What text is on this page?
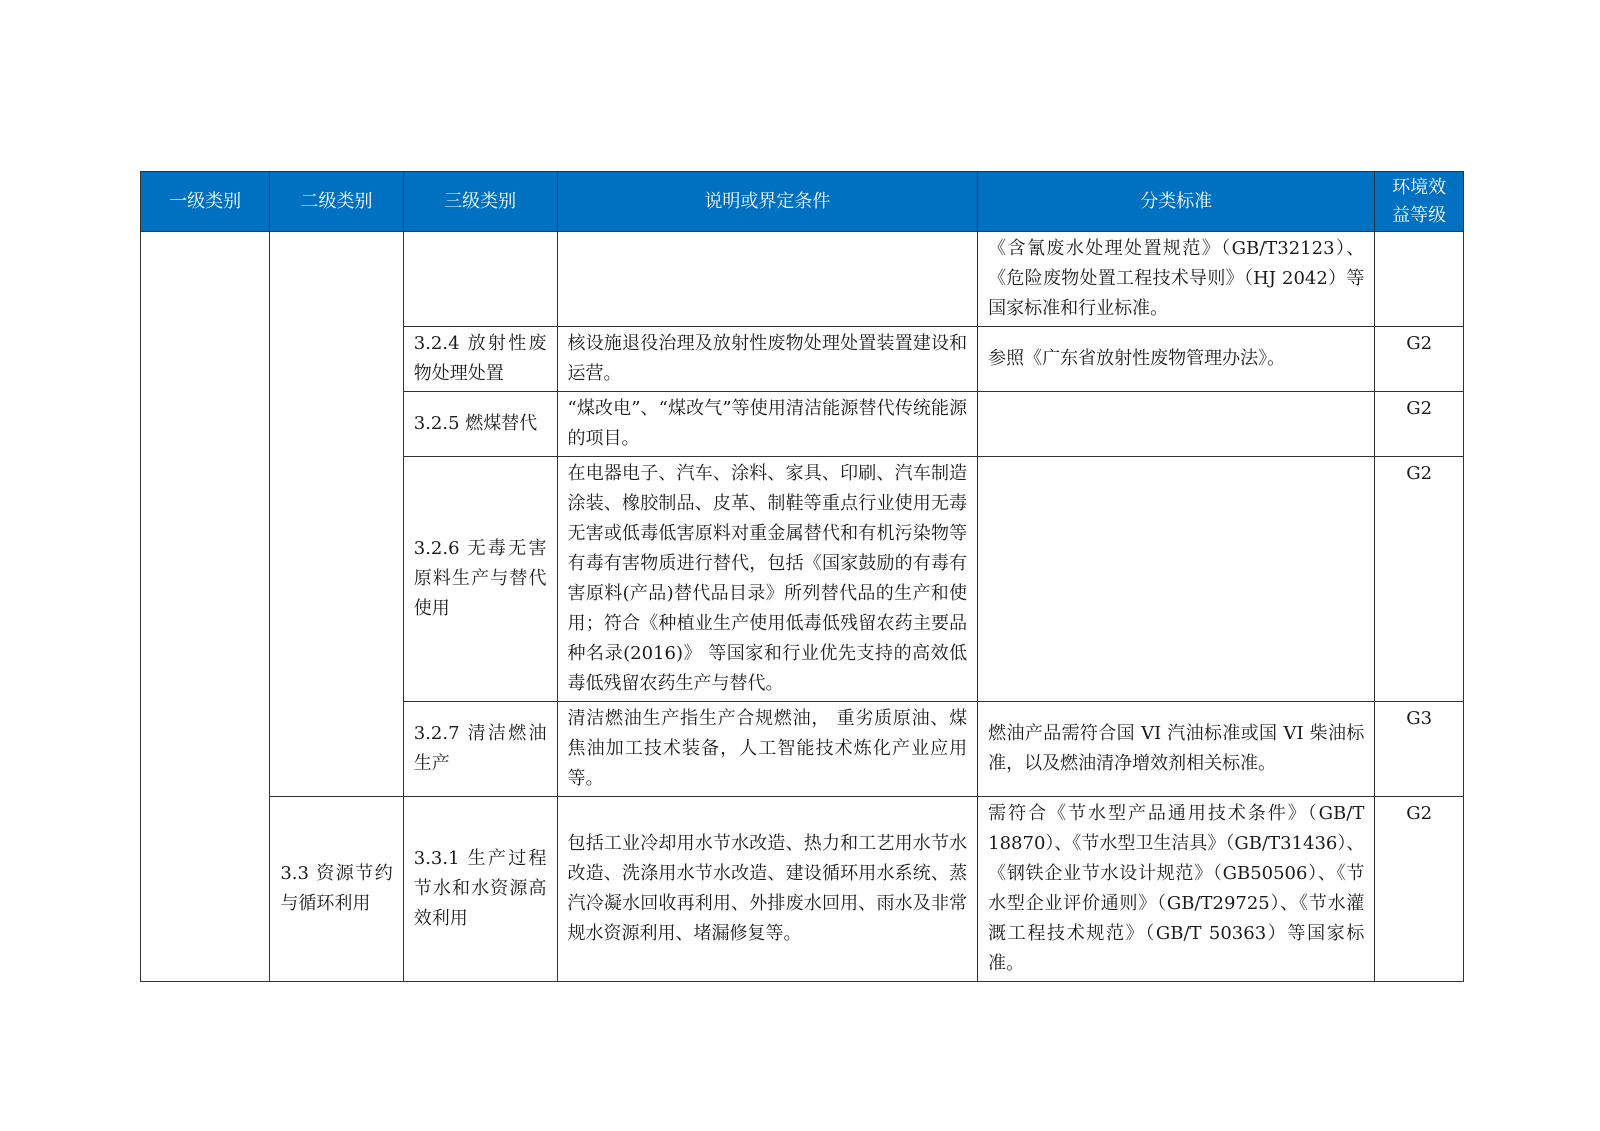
一级类别	二级类别	三级类别	说明或界定条件	分类标准	环境效益等级

				《含氰废水处理处置规范》（GB/T32123）、《危险废物处置工程技术导则》（HJ 2042）等国家标准和行业标准。	

		3.2.4 放射性废物处理处置	核设施退役治理及放射性废物处理处置装置建设和运营。	参照《广东省放射性废物管理办法》。	G2

		3.2.5 燃煤替代	“煤改电”、“煤改气”等使用清洁能源替代传统能源的项目。		G2

		3.2.6 无毒无害原料生产与替代使用	在电器电子、汽车、涂料、家具、印刷、汽车制造涂装、橡胶制品、皮革、制鞋等重点行业使用无毒无害或低毒低害原料对重金属替代和有机污染物等有毒有害物质进行替代，包括《国家鼓励的有毒有害原料(产品)替代品目录》所列替代品的生产和使用；符合《种植业生产使用低毒低残留农药主要品种名录(2016)》 等国家和行业优先支持的高效低毒低残留农药生产与替代。		G2

		3.2.7 清洁燃油生产	清洁燃油生产指生产合规燃油， 重劣质原油、煤焦油加工技术装备，人工智能技术炼化产业应用等。	燃油产品需符合国 VI 汽油标准或国 VI 柴油标准，以及燃油清净增效剂相关标准。	G3

	3.3 资源节约与循环利用	3.3.1 生产过程节水和水资源高效利用	包括工业冷却用水节水改造、热力和工艺用水节水改造、洗涤用水节水改造、建设循环用水系统、蒸汽冷凝水回收再利用、外排废水回用、雨水及非常规水资源利用、堵漏修复等。	需符合《节水型产品通用技术条件》（GB/T 18870）、《节水型卫生洁具》（GB/T31436）、《钢铁企业节水设计规范》（GB50506）、《节水型企业评价通则》（GB/T29725）、《节水灌溉工程技术规范》（GB/T 50363）等国家标准。	G2
